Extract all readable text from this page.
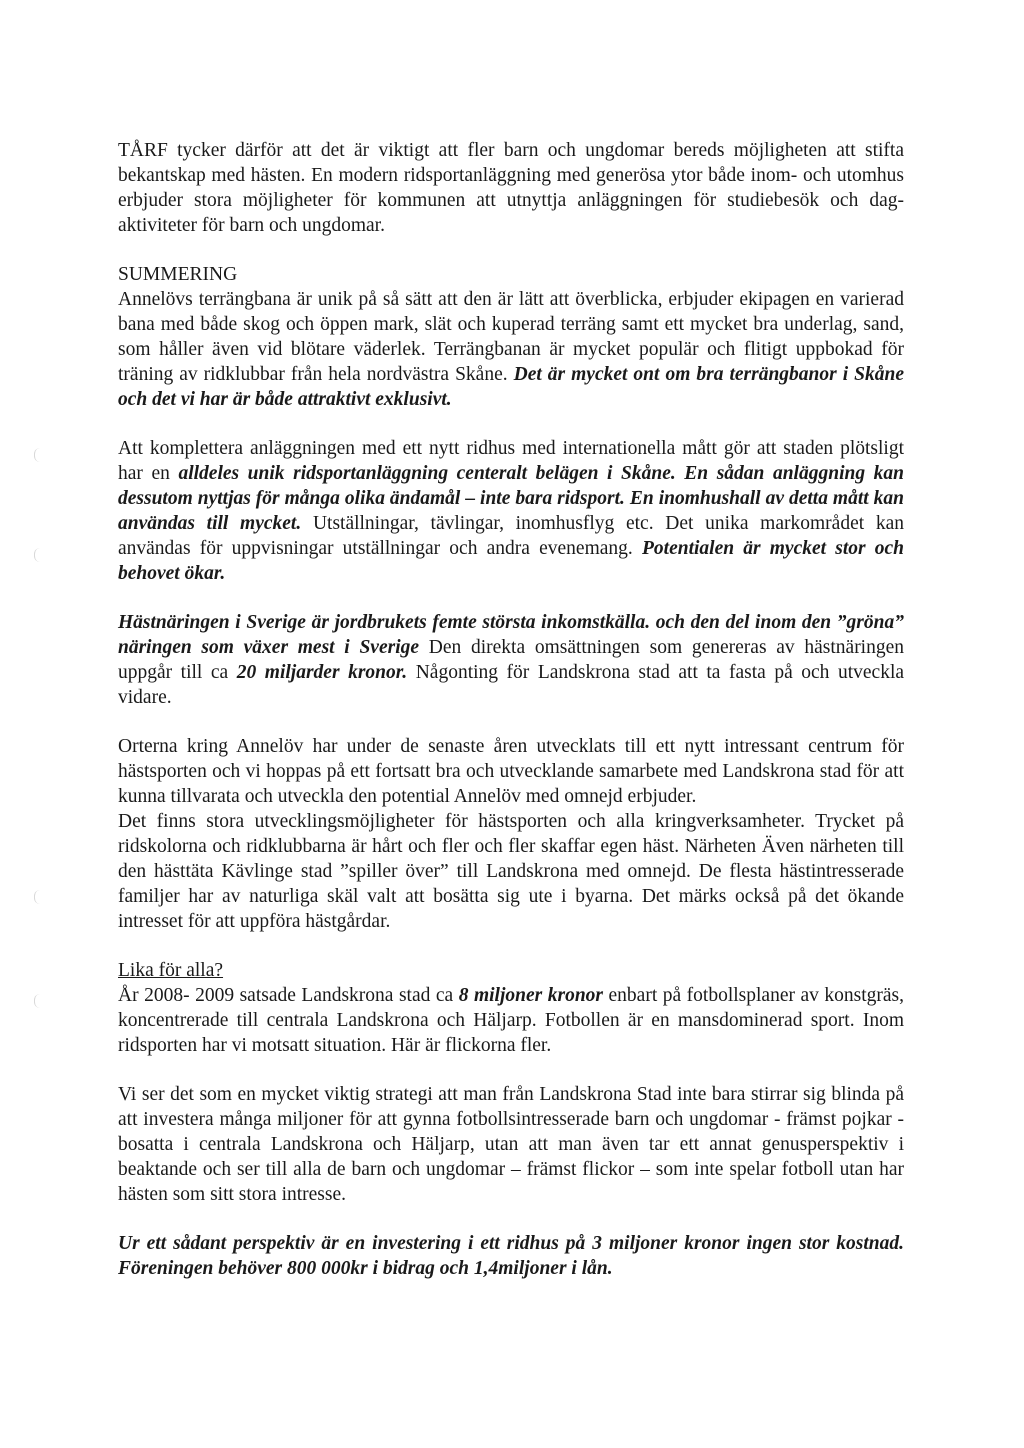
TÅRF tycker därför att det är viktigt att fler barn och ungdomar bereds möjligheten att stifta bekantskap med hästen. En modern ridsportanläggning med generösa ytor både inom- och utomhus erbjuder stora möjligheter för kommunen att utnyttja anläggningen för studiebesök och dag- aktiviteter för barn och ungdomar.

SUMMERING

Annelövs terrängbana är unik på så sätt att den är lätt att överblicka, erbjuder ekipagen en varierad bana med både skog och öppen mark, slät och kuperad terräng samt ett mycket bra underlag, sand, som håller även vid blötare väderlek. Terrängbanan är mycket populär och flitigt uppbokad för träning av ridklubbar från hela nordvästra Skåne. Det är mycket ont om bra terrängbanor i Skåne och det vi har är både attraktivt exklusivt.

Att komplettera anläggningen med ett nytt ridhus med internationella mått gör att staden plötsligt har en alldeles unik ridsportanläggning centeralt belägen i Skåne. En sådan anläggning kan dessutom nyttjas för många olika ändamål – inte bara ridsport. En inomhushall av detta mått kan användas till mycket. Utställningar, tävlingar, inomhusflyg etc. Det unika markområdet kan användas för uppvisningar utställningar och andra evenemang. Potentialen är mycket stor och behovet ökar.

Hästnäringen i Sverige är jordbrukets femte största inkomstkälla. och den del inom den ”gröna” näringen som växer mest i Sverige Den direkta omsättningen som genereras av hästnäringen uppgår till ca 20 miljarder kronor. Någonting för Landskrona stad att ta fasta på och utveckla vidare.

Orterna kring Annelöv har under de senaste åren utvecklats till ett nytt intressant centrum för hästsporten och vi hoppas på ett fortsatt bra och utvecklande samarbete med Landskrona stad för att kunna tillvarata och utveckla den potential Annelöv med omnejd erbjuder.

Det finns stora utvecklingsmöjligheter för hästsporten och alla kringverksamheter. Trycket på ridskolorna och ridklubbarna är hårt och fler och fler skaffar egen häst. Närheten Även närheten till den hästtäta Kävlinge stad ”spiller över” till Landskrona med omnejd. De flesta hästintresserade familjer har av naturliga skäl valt att bosätta sig ute i byarna. Det märks också på det ökande intresset för att uppföra hästgårdar.

Lika för alla?

År 2008- 2009 satsade Landskrona stad ca 8 miljoner kronor enbart på fotbollsplaner av konstgräs, koncentrerade till centrala Landskrona och Häljarp. Fotbollen är en mansdominerad sport. Inom ridsporten har vi motsatt situation. Här är flickorna fler.

Vi ser det som en mycket viktig strategi att man från Landskrona Stad inte bara stirrar sig blinda på att investera många miljoner för att gynna fotbollsintresserade barn och ungdomar - främst pojkar - bosatta i centrala Landskrona och Häljarp, utan att man även tar ett annat genusperspektiv i beaktande och ser till alla de barn och ungdomar – främst flickor – som inte spelar fotboll utan har hästen som sitt stora intresse.

Ur ett sådant perspektiv är en investering i ett ridhus på 3 miljoner kronor ingen stor kostnad. Föreningen behöver 800 000kr i bidrag och 1,4miljoner i lån.
